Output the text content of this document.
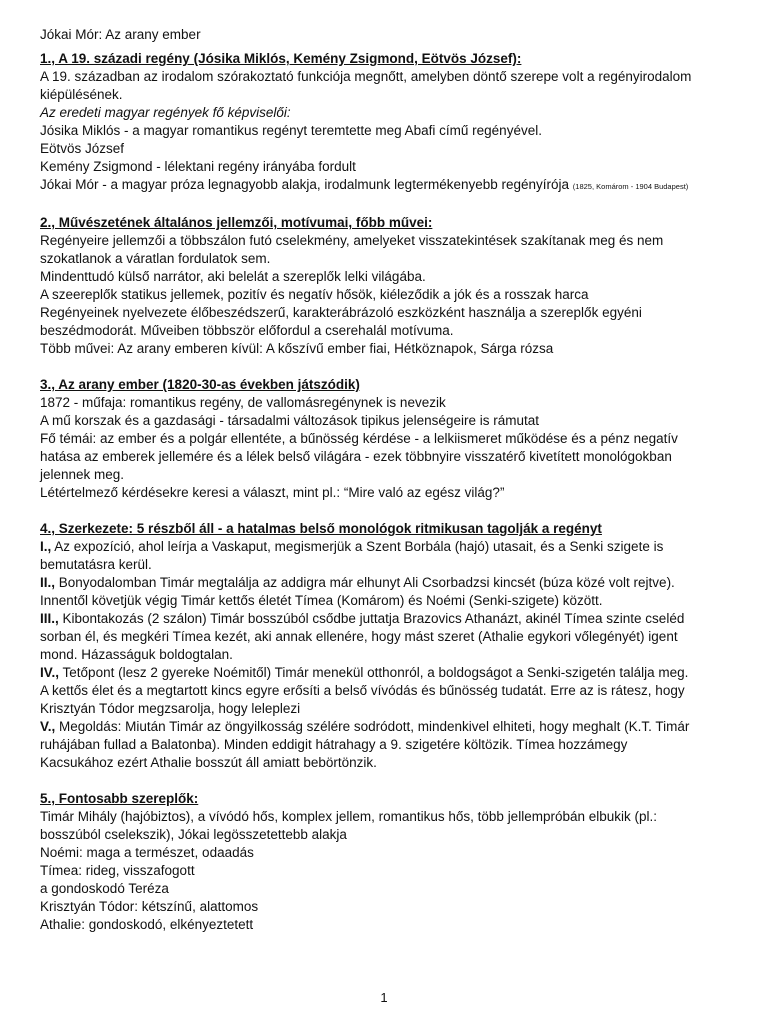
Jókai Mór: Az arany ember
1., A 19. századi regény (Jósika Miklós, Kemény Zsigmond, Eötvös József):
A 19. században az irodalom szórakoztató funkciója megnőtt, amelyben döntő szerepe volt a regényirodalom
kiépülésének.
Az eredeti magyar regények fő képviselői:
Jósika Miklós - a magyar romantikus regényt teremtette meg Abafi című regényével.
Eötvös József
Kemény Zsigmond - lélektani regény irányába fordult
Jókai Mór - a magyar próza legnagyobb alakja, irodalmunk legtermékenyebb regényírója (1825, Komárom - 1904 Budapest)
2., Művészetének általános jellemzői, motívumai, főbb művei:
Regényeire jellemzői a többszálon futó cselekmény, amelyeket visszatekintések szakítanak meg és nem
szokatlanok a váratlan fordulatok sem.
Mindenttudó külső narrátor, aki belelát a szereplők lelki világába.
A szeereplők statikus jellemek, pozitív és negatív hősök, kiéleződik a jók és a rosszak harca
Regényeinek nyelvezete élőbeszédszerű, karakterábrázoló eszközként használja a szereplők egyéni
beszédmodorát. Műveiben többször előfordul a cserehalál motívuma.
Több művei: Az arany emberen kívül: A kőszívű ember fiai, Hétköznapok, Sárga rózsa
3., Az arany ember (1820-30-as években játszódik)
1872 - műfaja: romantikus regény, de vallomásregénynek is nevezik
A mű korszak és a gazdasági - társadalmi változások tipikus jelenségeire is rámutat
Fő témái: az ember és a polgár ellentéte, a bűnösség kérdése - a lelkiismeret működése és a pénz negatív
hatása az emberek jellemére és a lélek belső világára - ezek többnyire visszatérő kivetített monológokban
jelennek meg.
Létértelmező kérdésekre keresi a választ, mint pl.: “Mire való az egész világ?”
4., Szerkezete: 5 részből áll - a hatalmas belső monológok ritmikusan tagolják a regényt
I., Az expozíció, ahol leírja a Vaskaput, megismerjük a Szent Borbála (hajó) utasait, és a Senki szigete is
bemutatásra kerül.
II., Bonyodalomban Timár megtalálja az addigra már elhunyt Ali Csorbadzsi kincsét (búza közé volt rejtve).
Innentől követjük végig Timár kettős életét Tímea (Komárom) és Noémi (Senki-szigete) között.
III., Kibontakozás (2 szálon) Timár bosszúból csődbe juttatja Brazovics Athanázt, akinél Tímea szinte cseléd
sorban él, és megkéri Tímea kezét, aki annak ellenére, hogy mást szeret (Athalie egykori vőlegényét) igent
mond. Házasságuk boldogtalan.
IV., Tetőpont (lesz 2 gyereke Noémitől) Timár menekül otthonról, a boldogságot a Senki-szigetén találja meg.
A kettős élet és a megtartott kincs egyre erősíti a belső vívódás és bűnösség tudatát. Erre az is rátesz, hogy
Krisztyán Tódor megzsarolja, hogy leleplezi
V., Megoldás: Miután Timár az öngyilkosság szélére sodródott, mindenkivel elhiteti, hogy meghalt (K.T. Timár
ruhájában fullad a Balatonba). Minden eddigit hátrahagy a 9. szigetére költözik. Tímea hozzámegy
Kacsukához ezért Athalie bosszút áll amiatt bebörtönzik.
5., Fontosabb szereplők:
Timár Mihály (hajóbiztos), a vívódó hős, komplex jellem, romantikus hős, több jellempróbán elbukik (pl.:
bosszúból cselekszik), Jókai legösszetettebb alakja
Noémi: maga a természet, odaadás
Tímea: rideg, visszafogott
a gondoskodó Teréza
Krisztyán Tódor: kétszínű, alattomos
Athalie: gondoskodó, elkényeztetett
1
